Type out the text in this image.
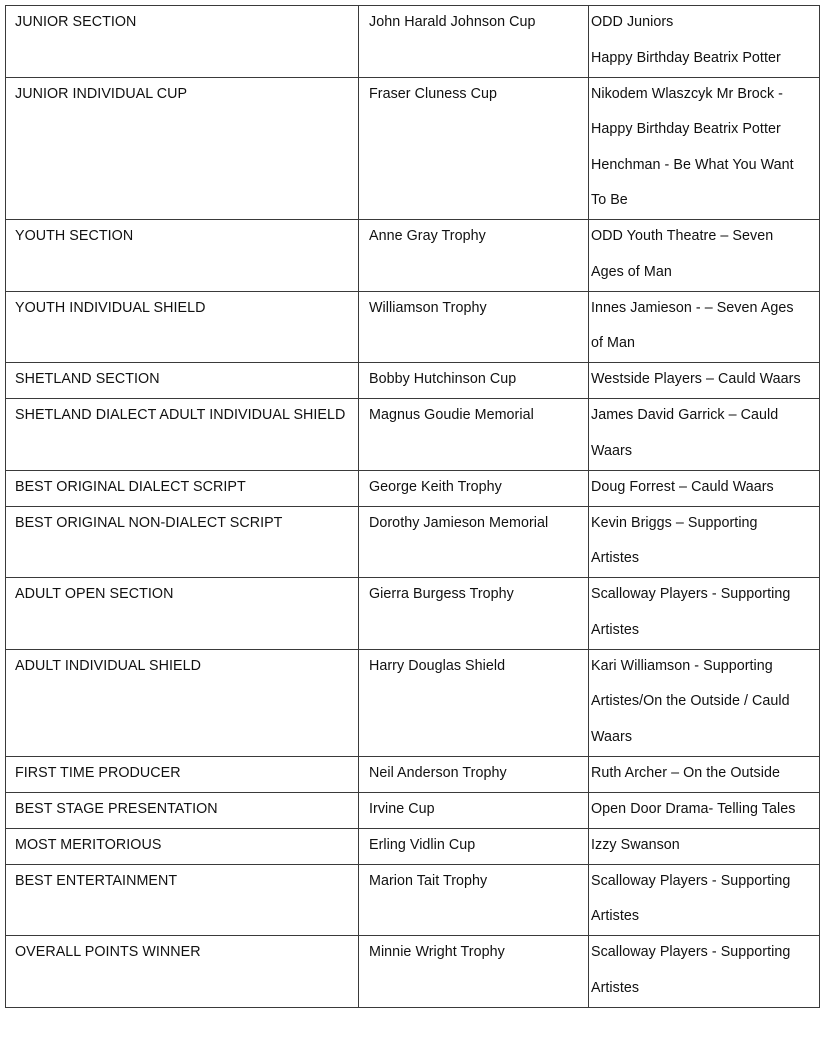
JUNIOR SECTION	John Harald Johnson Cup	ODD Juniors
Happy Birthday Beatrix Potter

JUNIOR INDIVIDUAL CUP	Fraser Cluness Cup	Nikodem Wlaszcyk Mr Brock -
Happy Birthday Beatrix Potter
Henchman - Be What You Want
To Be

YOUTH SECTION	Anne Gray Trophy	ODD Youth Theatre – Seven
Ages of Man

YOUTH INDIVIDUAL SHIELD	Williamson Trophy	Innes Jamieson - – Seven Ages
of Man

SHETLAND SECTION	Bobby Hutchinson Cup	Westside Players – Cauld Waars

SHETLAND DIALECT ADULT INDIVIDUAL SHIELD	Magnus Goudie Memorial	James David Garrick – Cauld
Waars

BEST ORIGINAL DIALECT SCRIPT	George Keith Trophy	Doug Forrest – Cauld Waars

BEST ORIGINAL NON-DIALECT SCRIPT	Dorothy Jamieson Memorial	Kevin Briggs – Supporting
Artistes

ADULT OPEN SECTION	Gierra Burgess Trophy	Scalloway Players - Supporting
Artistes

ADULT INDIVIDUAL SHIELD	Harry Douglas Shield	Kari Williamson - Supporting
Artistes/On the Outside / Cauld
Waars

FIRST TIME PRODUCER	Neil Anderson Trophy	Ruth Archer – On the Outside

BEST STAGE PRESENTATION	Irvine Cup	Open Door Drama- Telling Tales

MOST MERITORIOUS	Erling Vidlin Cup	Izzy Swanson

BEST ENTERTAINMENT	Marion Tait Trophy	Scalloway Players - Supporting
Artistes

OVERALL POINTS WINNER	Minnie Wright Trophy	Scalloway Players - Supporting
Artistes
